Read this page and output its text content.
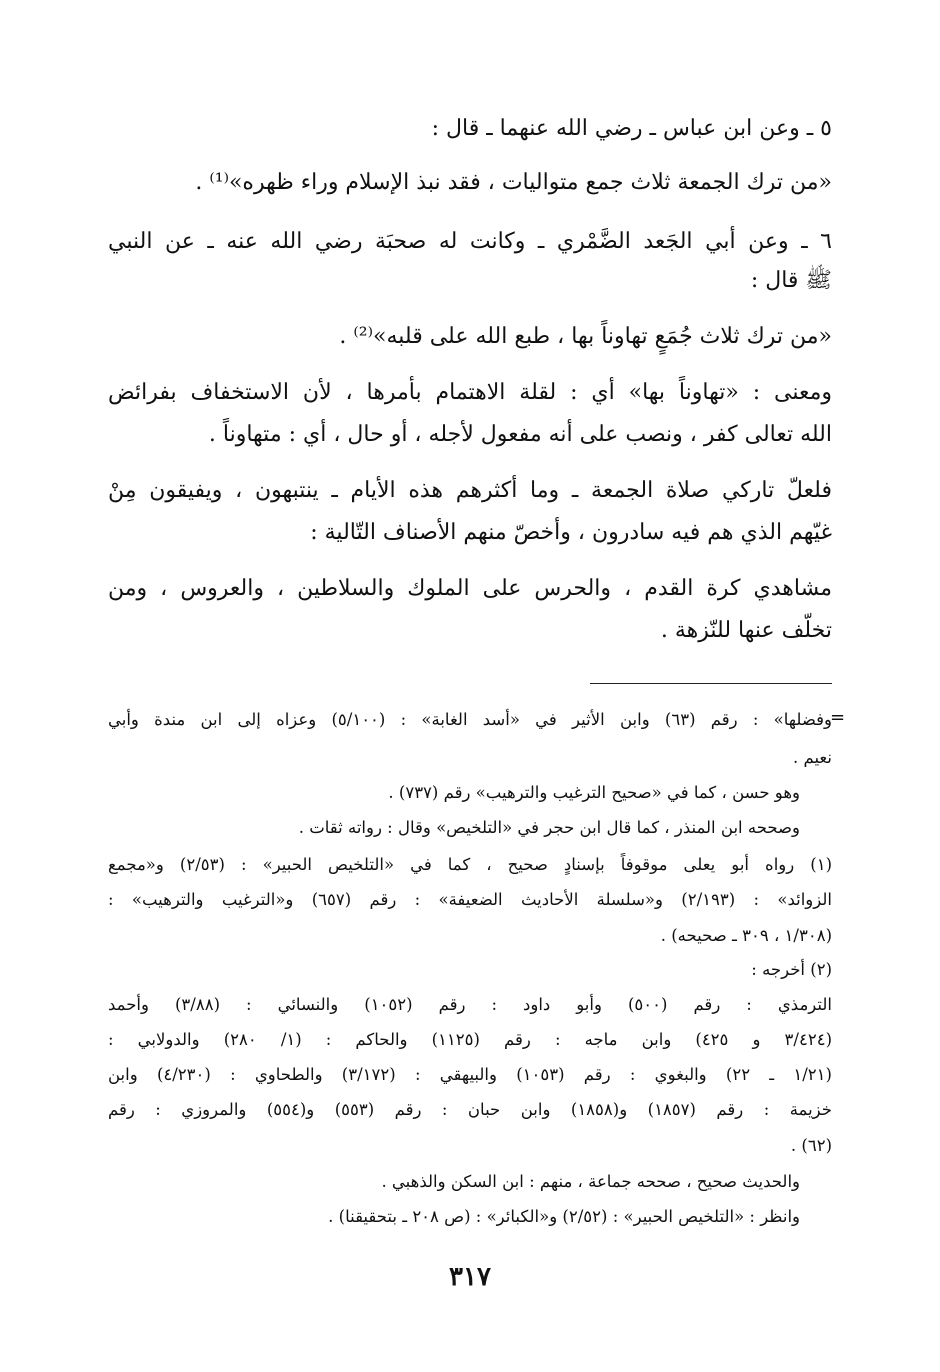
٥ ـ وعن ابن عباس ـ رضي الله عنهما ـ قال :
«من ترك الجمعة ثلاث جمع متواليات ، فقد نبذ الإسلام وراء ظهره»⁽¹⁾ .
٦ ـ وعن أبي الجَعد الضَّمْري ـ وكانت له صحبَة رضي الله عنه ـ عن النبي
ﷺ قال :
«من ترك ثلاث جُمَعٍ تهاوناً بها ، طبع الله على قلبه»⁽²⁾ .
ومعنى : «تهاوناً بها» أي : لقلة الاهتمام بأمرها ، لأن الاستخفاف بفرائض
الله تعالى كفر ، ونصب على أنه مفعول لأجله ، أو حال ، أي : متهاوناً .
فلعلّ تاركي صلاة الجمعة ـ وما أكثرهم هذه الأيام ـ ينتبهون ، ويفيقون مِنْ
غيّهم الذي هم فيه سادرون ، وأخصّ منهم الأصناف التّالية :
مشاهدي كرة القدم ، والحرس على الملوك والسلاطين ، والعروس ، ومن
تخلّف عنها للنّزهة .
=
وفضلها» : رقم (٦٣) وابن الأثير في «أسد الغابة» : (٥/١٠٠) وعزاه إلى ابن مندة وأبي
نعيم .
وهو حسن ، كما في «صحيح الترغيب والترهيب» رقم (٧٣٧) .
وصححه ابن المنذر ، كما قال ابن حجر في «التلخيص» وقال : رواته ثقات .
(١) رواه أبو يعلى موقوفاً بإسنادٍ صحيح ، كما في «التلخيص الحبير» : (٢/٥٣) و«مجمع
الزوائد» : (٢/١٩٣) و«سلسلة الأحاديث الضعيفة» : رقم (٦٥٧) و«الترغيب والترهيب» :
(١/٣٠٨ ، ٣٠٩ ـ صحيحه) .
(٢) أخرجه :
الترمذي : رقم (٥٠٠) وأبو داود : رقم (١٠٥٢) والنسائي : (٣/٨٨) وأحمد
(٣/٤٢٤ و ٤٢٥) وابن ماجه : رقم (١١٢٥) والحاكم : (١/ ٢٨٠) والدولابي :
(١/٢١ ـ ٢٢) والبغوي : رقم (١٠٥٣) والبيهقي : (٣/١٧٢) والطحاوي : (٤/٢٣٠) وابن
خزيمة : رقم (١٨٥٧) و(١٨٥٨) وابن حبان : رقم (٥٥٣) و(٥٥٤) والمروزي : رقم
(٦٢) .
والحديث صحيح ، صححه جماعة ، منهم : ابن السكن والذهبي .
وانظر : «التلخيص الحبير» : (٢/٥٢) و«الكبائر» : (ص ٢٠٨ ـ بتحقيقنا) .
٣١٧
